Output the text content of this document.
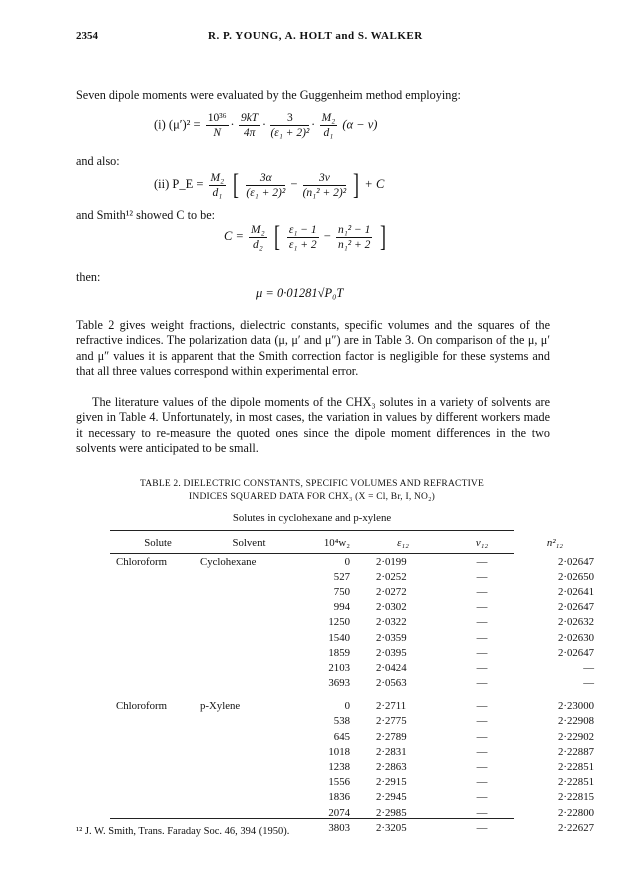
2354	R. P. YOUNG, A. HOLT and S. WALKER
Seven dipole moments were evaluated by the Guggenheim method employing:
(i) $(\mu')^2 = \frac{\text{10³⁶}}{N} \cdot \frac{9kT}{4\pi} \cdot \frac{3}{\text{(ε₁ + 2)²}} \cdot \frac{\text{M₂}}{\text{d₁}} (\alpha - \nu)$
and also:
(ii) P_E = $\frac{\text{M₂}}{\text{d₁}}$ [ $\frac{3\alpha}{\text{(ε₁ + 2)²}} - \frac{3\nu}{\text{(n₁² + 2)²}}$ ] + C
and Smith¹² showed C to be:
$C = \frac{\text{M₂}}{\text{d₂}}$ [ $\frac{\text{ε₁ − 1}}{\text{ε₁ + 2}} - \frac{\text{n₁² − 1}}{\text{n₁² + 2}}$ ]
then:
μ = 0·01281√P₀T
Table 2 gives weight fractions, dielectric constants, specific volumes and the squares of the refractive indices. The polarization data (μ, μ′ and μ″) are in Table 3. On comparison of the μ, μ′ and μ″ values it is apparent that the Smith correction factor is negligible for these systems and that all three values correspond within experimental error.
The literature values of the dipole moments of the CHX₃ solutes in a variety of solvents are given in Table 4. Unfortunately, in most cases, the variation in values by different workers made it necessary to re-measure the quoted ones since the dipole moment differences in the two solvents were anticipated to be small.
TABLE 2. DIELECTRIC CONSTANTS, SPECIFIC VOLUMES AND REFRACTIVE
INDICES SQUARED DATA FOR CHX₃ (X = Cl, Br, I, NO₂)
Solutes in cyclohexane and p-xylene
Solute	Solvent	10⁴w₂	ε₁₂	v₁₂	n²₁₂
Chloroform	Cyclohexane	0	2·0199	—	2·02647
		527	2·0252	—	2·02650
		750	2·0272	—	2·02641
		994	2·0302	—	2·02647
		1250	2·0322	—	2·02632
		1540	2·0359	—	2·02630
		1859	2·0395	—	2·02647
		2103	2·0424	—	—
		3693	2·0563	—	—

Chloroform	p-Xylene	0	2·2711	—	2·23000
		538	2·2775	—	2·22908
		645	2·2789	—	2·22902
		1018	2·2831	—	2·22887
		1238	2·2863	—	2·22851
		1556	2·2915	—	2·22851
		1836	2·2945	—	2·22815
		2074	2·2985	—	2·22800
		3803	2·3205	—	2·22627
¹² J. W. Smith, Trans. Faraday Soc. 46, 394 (1950).
